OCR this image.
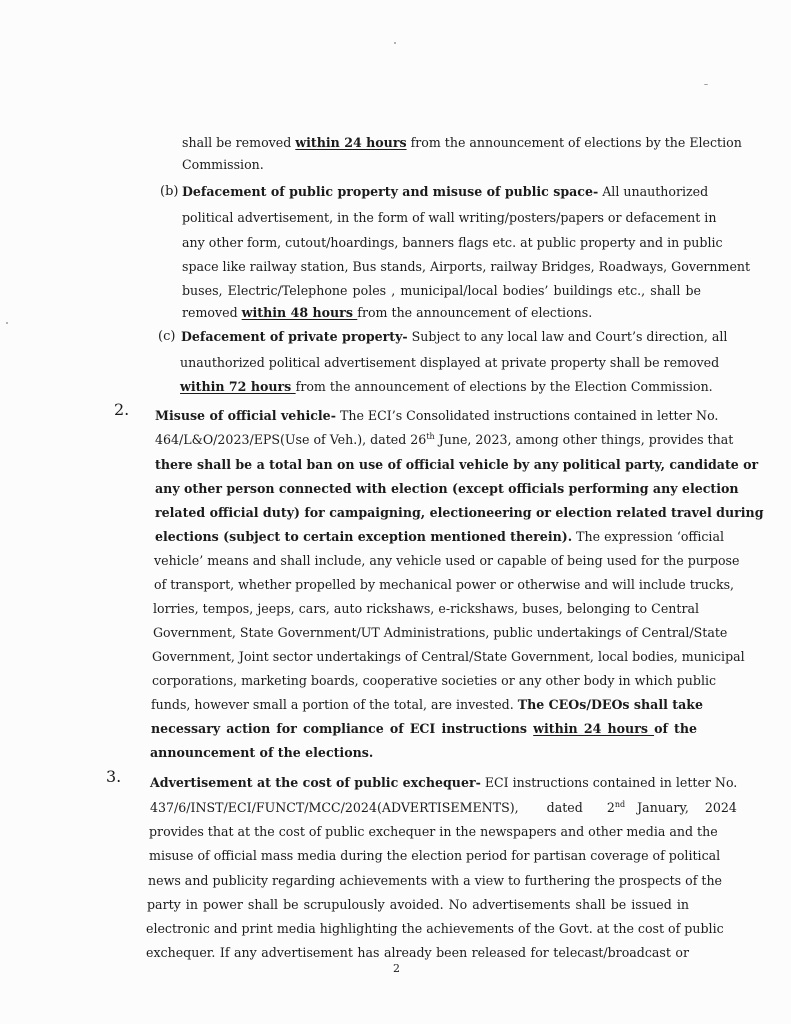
shall be removed within 24 hours from the announcement of elections by the Election
Commission.
(b) Defacement of public property and misuse of public space- All unauthorized
political advertisement, in the form of wall writing/posters/papers or defacement in
any other form, cutout/hoardings, banners flags etc. at public property and in public
space like railway station, Bus stands, Airports, railway Bridges, Roadways, Government
buses, Electric/Telephone poles , municipal/local bodies’ buildings etc., shall be
removed within 48 hours from the announcement of elections.
(c) Defacement of private property- Subject to any local law and Court’s direction, all
unauthorized political advertisement displayed at private property shall be removed
within 72 hours from the announcement of elections by the Election Commission.
2. Misuse of official vehicle- The ECI’s Consolidated instructions contained in letter No.
464/L&O/2023/EPS(Use of Veh.), dated 26th June, 2023, among other things, provides that
there shall be a total ban on use of official vehicle by any political party, candidate or
any other person connected with election (except officials performing any election
related official duty) for campaigning, electioneering or election related travel during
elections (subject to certain exception mentioned therein). The expression ‘official
vehicle’ means and shall include, any vehicle used or capable of being used for the purpose
of transport, whether propelled by mechanical power or otherwise and will include trucks,
lorries, tempos, jeeps, cars, auto rickshaws, e-rickshaws, buses, belonging to Central
Government, State Government/UT Administrations, public undertakings of Central/State
Government, Joint sector undertakings of Central/State Government, local bodies, municipal
corporations, marketing boards, cooperative societies or any other body in which public
funds, however small a portion of the total, are invested. The CEOs/DEOs shall take
necessary action for compliance of ECI instructions within 24 hours of the
announcement of the elections.
3. Advertisement at the cost of public exchequer- ECI instructions contained in letter No.
437/6/INST/ECI/FUNCT/MCC/2024(ADVERTISEMENTS),       dated      2nd   January,    2024
provides that at the cost of public exchequer in the newspapers and other media and the
misuse of official mass media during the election period for partisan coverage of political
news and publicity regarding achievements with a view to furthering the prospects of the
party in power shall be scrupulously avoided. No advertisements shall be issued in
electronic and print media highlighting the achievements of the Govt. at the cost of public
exchequer. If any advertisement has already been released for telecast/broadcast or
2
